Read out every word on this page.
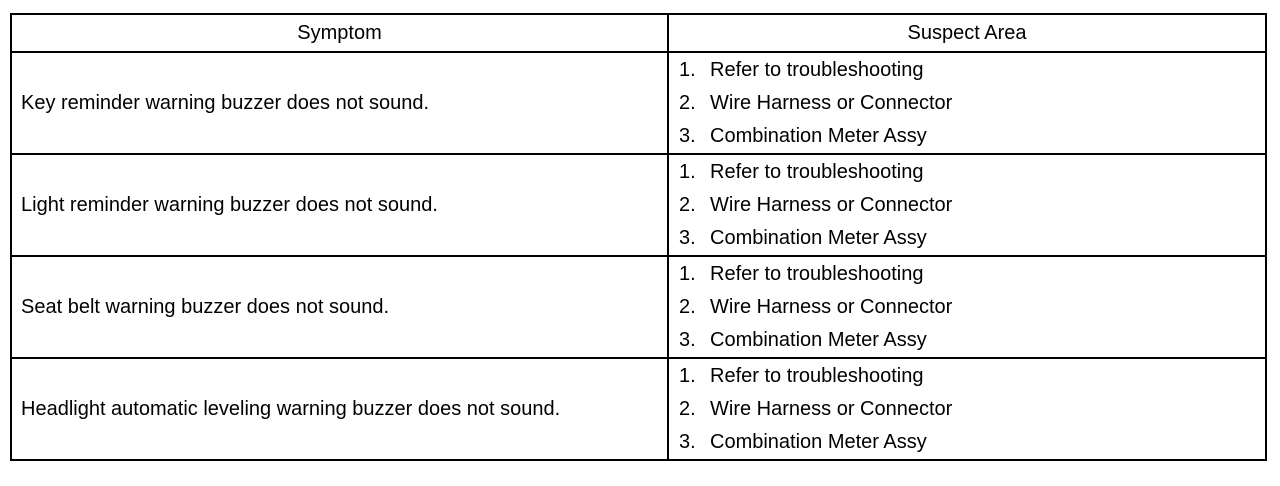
Symptom	Suspect Area
Key reminder warning buzzer does not sound.
1. Refer to troubleshooting
2. Wire Harness or Connector
3. Combination Meter Assy
Light reminder warning buzzer does not sound.
1. Refer to troubleshooting
2. Wire Harness or Connector
3. Combination Meter Assy
Seat belt warning buzzer does not sound.
1. Refer to troubleshooting
2. Wire Harness or Connector
3. Combination Meter Assy
Headlight automatic leveling warning buzzer does not sound.
1. Refer to troubleshooting
2. Wire Harness or Connector
3. Combination Meter Assy
